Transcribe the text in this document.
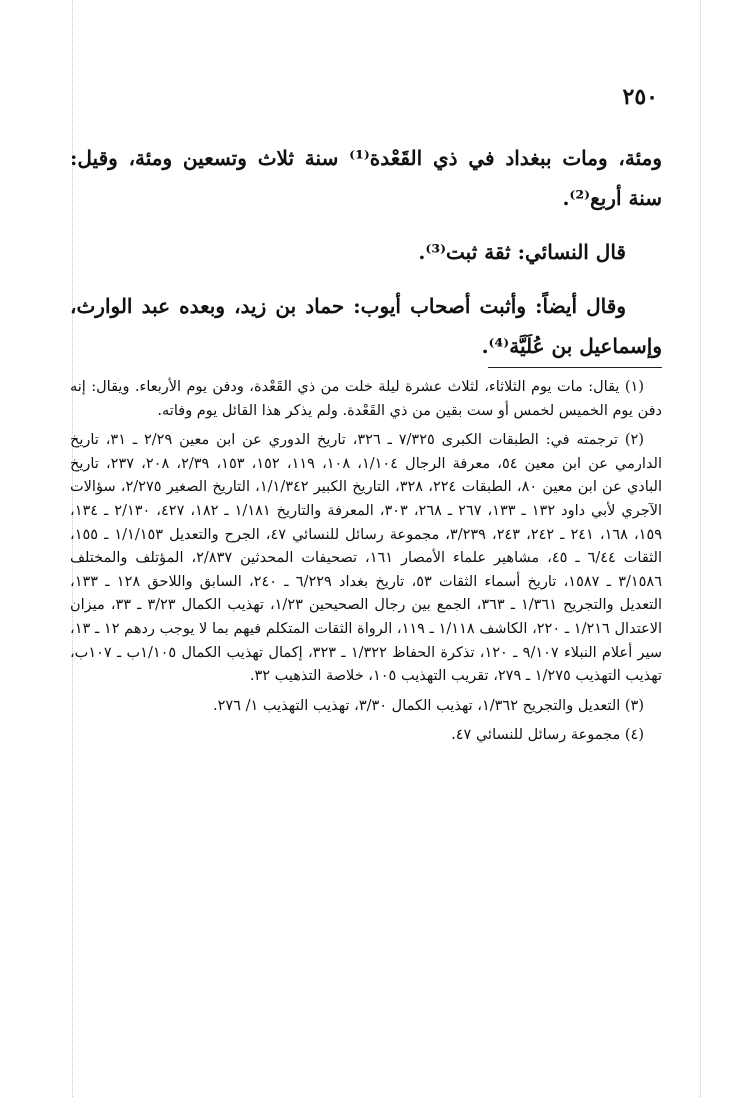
٢٥٠

ومئة، ومات ببغداد في ذي القَعْدة⁽¹⁾ سنة ثلاث وتسعين ومئة، وقيل: سنة أربع⁽²⁾.

قال النسائي: ثقة ثبت⁽³⁾.

وقال أيضاً: وأثبت أصحاب أيوب: حماد بن زيد، وبعده عبد الوارث، وإسماعيل بن عُلَيَّة⁽⁴⁾.

(١) يقال: مات يوم الثلاثاء، لثلاث عشرة ليلة خلت من ذي القَعْدة، ودفن يوم الأربعاء. ويقال: إنه دفن يوم الخميس لخمس أو ست بقين من ذي القَعْدة. ولم يذكر هذا القائل يوم وفاته.

(٢) ترجمته في: الطبقات الكبرى ٧/٣٢٥ ـ ٣٢٦، تاريخ الدوري عن ابن معين ٢/٢٩ ـ ٣١، تاريخ الدارمي عن ابن معين ٥٤، معرفة الرجال ١/١٠٤، ١٠٨، ١١٩، ١٥٢، ١٥٣، ٢/٣٩، ٢٠٨، ٢٣٧، تاريخ البادي عن ابن معين ٨٠، الطبقات ٢٢٤، ٣٢٨، التاريخ الكبير ١/١/٣٤٢، التاريخ الصغير ٢/٢٧٥، سؤالات الآجري لأبي داود ١٣٢ ـ ١٣٣، ٢٦٧ ـ ٢٦٨، ٣٠٣، المعرفة والتاريخ ١/١٨١ ـ ١٨٢، ٤٢٧، ٢/١٣٠ ـ ١٣٤، ١٥٩، ١٦٨، ٢٤١ ـ ٢٤٢، ٢٤٣، ٣/٢٣٩، مجموعة رسائل للنسائي ٤٧، الجرح والتعديل ١/١/١٥٣ ـ ١٥٥، الثقات ٦/٤٤ ـ ٤٥، مشاهير علماء الأمصار ١٦١، تصحيفات المحدثين ٢/٨٣٧، المؤتلف والمختلف ٣/١٥٨٦ ـ ١٥٨٧، تاريخ أسماء الثقات ٥٣، تاريخ بغداد ٦/٢٢٩ ـ ٢٤٠، السابق واللاحق ١٢٨ ـ ١٣٣، التعديل والتجريح ١/٣٦١ ـ ٣٦٣، الجمع بين رجال الصحيحين ١/٢٣، تهذيب الكمال ٣/٢٣ ـ ٣٣، ميزان الاعتدال ١/٢١٦ ـ ٢٢٠، الكاشف ١/١١٨ ـ ١١٩، الرواة الثقات المتكلم فيهم بما لا يوجب ردهم ١٢ ـ ١٣، سير أعلام النبلاء ٩/١٠٧ ـ ١٢٠، تذكرة الحفاظ ١/٣٢٢ ـ ٣٢٣، إكمال تهذيب الكمال ١/١٠٥ب ـ ١٠٧ب، تهذيب التهذيب ١/٢٧٥ ـ ٢٧٩، تقريب التهذيب ١٠٥، خلاصة التذهيب ٣٢.

(٣) التعديل والتجريح ١/٣٦٢، تهذيب الكمال ٣/٣٠، تهذيب التهذيب ١/ ٢٧٦.

(٤) مجموعة رسائل للنسائي ٤٧.
